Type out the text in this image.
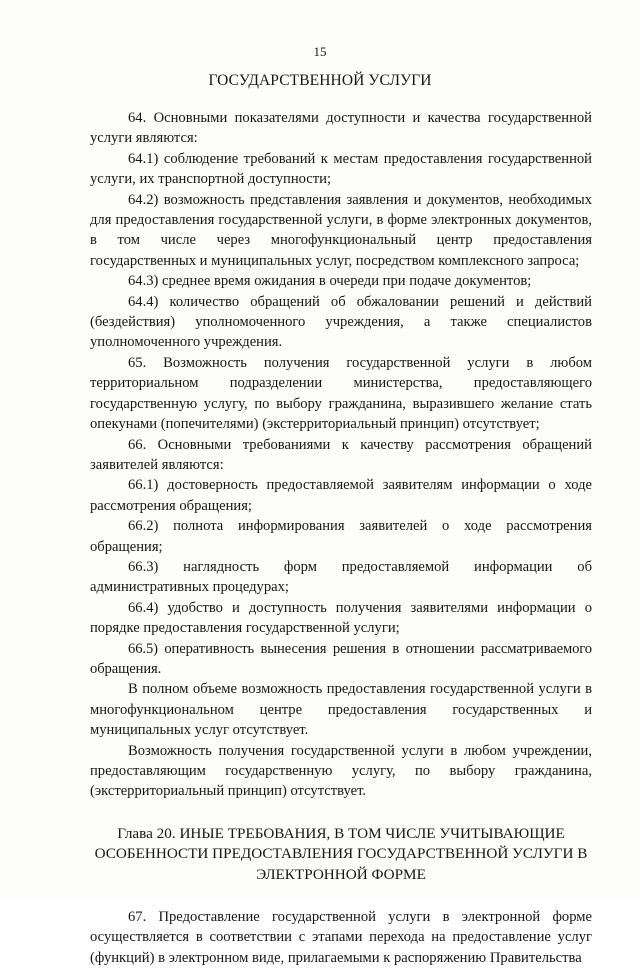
15
ГОСУДАРСТВЕННОЙ УСЛУГИ

64. Основными показателями доступности и качества государственной услуги являются:

64.1) соблюдение требований к местам предоставления государственной услуги, их транспортной доступности;

64.2) возможность представления заявления и документов, необходимых для предоставления государственной услуги, в форме электронных документов, в том числе через многофункциональный центр предоставления государственных и муниципальных услуг, посредством комплексного запроса;

64.3) среднее время ожидания в очереди при подаче документов;

64.4) количество обращений об обжаловании решений и действий (бездействия) уполномоченного учреждения, а также специалистов уполномоченного учреждения.

65. Возможность получения государственной услуги в любом территориальном подразделении министерства, предоставляющего государственную услугу, по выбору гражданина, выразившего желание стать опекунами (попечителями) (экстерриториальный принцип) отсутствует;

66. Основными требованиями к качеству рассмотрения обращений заявителей являются:

66.1) достоверность предоставляемой заявителям информации о ходе рассмотрения обращения;

66.2) полнота информирования заявителей о ходе рассмотрения обращения;

66.3) наглядность форм предоставляемой информации об административных процедурах;

66.4) удобство и доступность получения заявителями информации о порядке предоставления государственной услуги;

66.5) оперативность вынесения решения в отношении рассматриваемого обращения.

В полном объеме возможность предоставления государственной услуги в многофункциональном центре предоставления государственных и муниципальных услуг отсутствует.

Возможность получения государственной услуги в любом учреждении, предоставляющим государственную услугу, по выбору гражданина, (экстерриториальный принцип) отсутствует.

Глава 20. ИНЫЕ ТРЕБОВАНИЯ, В ТОМ ЧИСЛЕ УЧИТЫВАЮЩИЕ ОСОБЕННОСТИ ПРЕДОСТАВЛЕНИЯ ГОСУДАРСТВЕННОЙ УСЛУГИ В ЭЛЕКТРОННОЙ ФОРМЕ

67. Предоставление государственной услуги в электронной форме осуществляется в соответствии с этапами перехода на предоставление услуг (функций) в электронном виде, прилагаемыми к распоряжению Правительства
